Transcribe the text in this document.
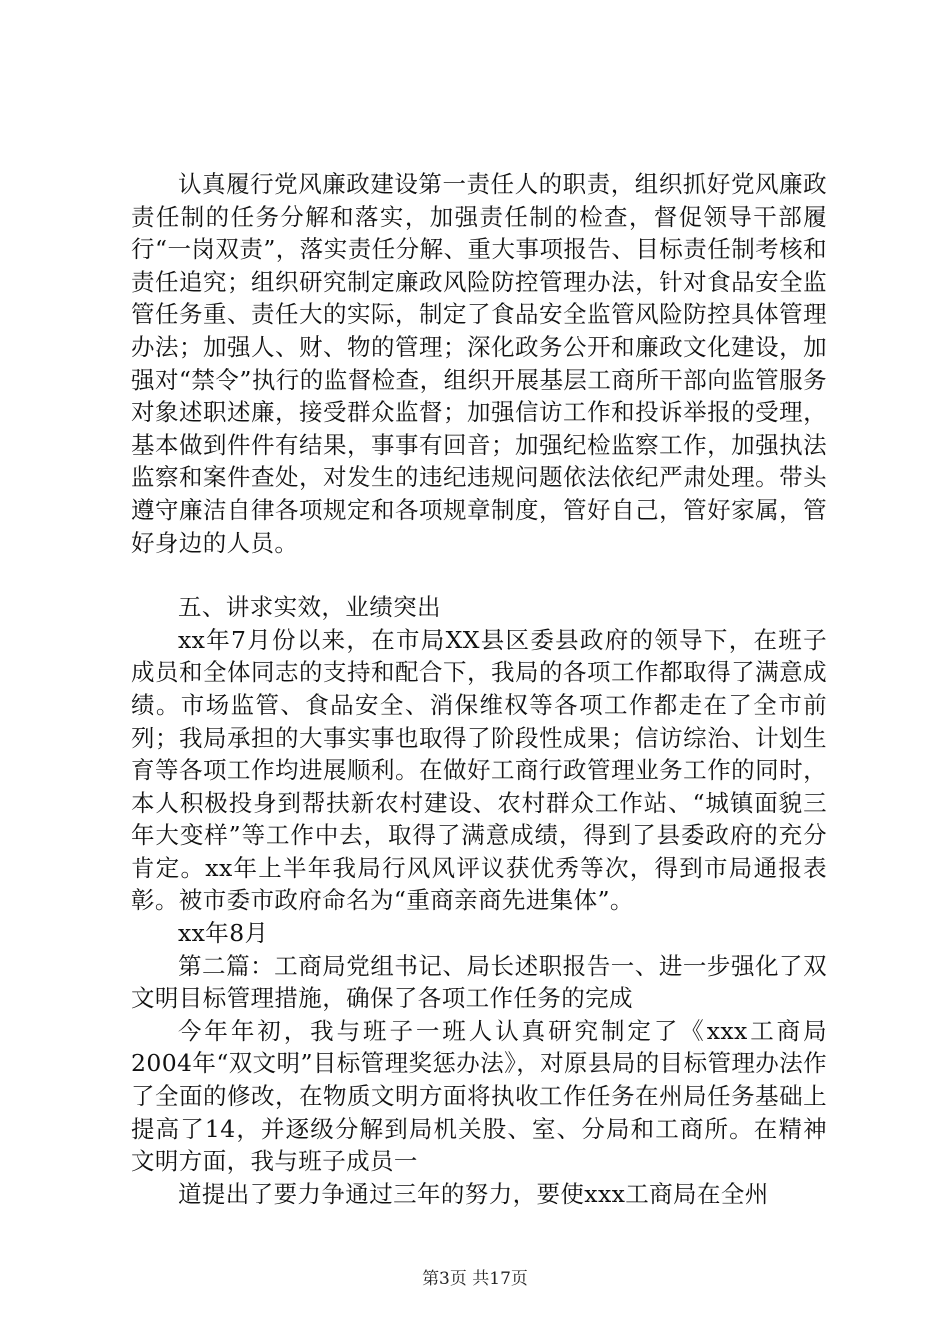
认真履行党风廉政建设第一责任人的职责，组织抓好党风廉政责任制的任务分解和落实，加强责任制的检查，督促领导干部履行“一岗双责”，落实责任分解、重大事项报告、目标责任制考核和责任追究；组织研究制定廉政风险防控管理办法，针对食品安全监管任务重、责任大的实际，制定了食品安全监管风险防控具体管理办法；加强人、财、物的管理；深化政务公开和廉政文化建设，加强对“禁令”执行的监督检查，组织开展基层工商所干部向监管服务对象述职述廉，接受群众监督；加强信访工作和投诉举报的受理，基本做到件件有结果，事事有回音；加强纪检监察工作，加强执法监察和案件查处，对发生的违纪违规问题依法依纪严肃处理。带头遵守廉洁自律各项规定和各项规章制度，管好自己，管好家属，管好身边的人员。

五、讲求实效，业绩突出

xx年7月份以来，在市局XX县区委县政府的领导下，在班子成员和全体同志的支持和配合下，我局的各项工作都取得了满意成绩。市场监管、食品安全、消保维权等各项工作都走在了全市前列；我局承担的大事实事也取得了阶段性成果；信访综治、计划生育等各项工作均进展顺利。在做好工商行政管理业务工作的同时，本人积极投身到帮扶新农村建设、农村群众工作站、“城镇面貌三年大变样”等工作中去，取得了满意成绩，得到了县委政府的充分肯定。xx年上半年我局行风风评议获优秀等次，得到市局通报表彰。被市委市政府命名为“重商亲商先进集体”。

xx年8月

第二篇：工商局党组书记、局长述职报告一、进一步强化了双文明目标管理措施，确保了各项工作任务的完成

今年年初，我与班子一班人认真研究制定了《xxx工商局2004年“双文明”目标管理奖惩办法》，对原县局的目标管理办法作了全面的修改，在物质文明方面将执收工作任务在州局任务基础上提高了14，并逐级分解到局机关股、室、分局和工商所。在精神文明方面，我与班子成员一

道提出了要力争通过三年的努力，要使xxx工商局在全州

第3页 共17页
